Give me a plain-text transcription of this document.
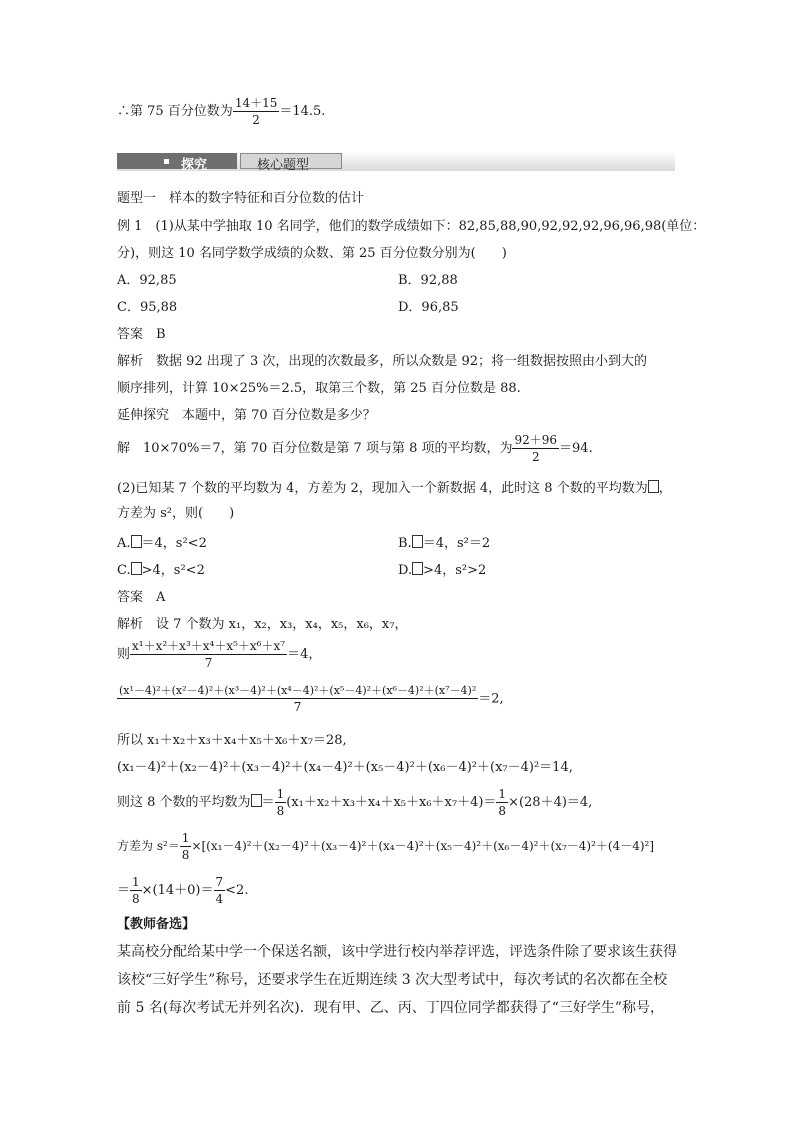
∴第 75 百分位数为 $\frac{14+15}{2} =14.5$.
探究	核心题型
题型一　样本的数字特征和百分位数的估计
例 1　(1)从某中学抽取 10 名同学，他们的数学成绩如下：82,85,88,90,92,92,92,96,96,98(单位：
分)，则这 10 名同学数学成绩的众数、第 25 百分位数分别为(　　)
A．92,85	B．92,88
C．95,88	D．96,85
答案　B
解析　数据 92 出现了 3 次，出现的次数最多，所以众数是 92；将一组数据按照由小到大的
顺序排列，计算 10×25%＝2.5，取第三个数，第 25 百分位数是 88.
延伸探究　本题中，第 70 百分位数是多少？
解　10×70%＝7，第 70 百分位数是第 7 项与第 8 项的平均数，为 $\frac{92+96}{2} =94$.
(2)已知某 7 个数的平均数为 4，方差为 2，现加入一个新数据 4，此时这 8 个数的平均数为 ，
方差为 s²，则(　　)
A. ＝4，s²<2	B. ＝4，s²＝2
C. >4，s²<2	D. >4，s²>2
答案　A
解析　设 7 个数为 x₁，x₂，x₃，x₄，x₅，x₆，x₇，
则 $\frac{\text{x¹＋x²＋x³＋x⁴＋x⁵＋x⁶＋x⁷}}{7} =4$，
$\frac{\text{(x¹－4)²＋(x²－4)²＋(x³－4)²＋(x⁴－4)²＋(x⁵－4)²＋(x⁶－4)²＋(x⁷－4)²}}{7} =2$,
所以 x₁＋x₂＋x₃＋x₄＋x₅＋x₆＋x₇＝28,
(x₁－4)²＋(x₂－4)²＋(x₃－4)²＋(x₄－4)²＋(x₅－4)²＋(x₆－4)²＋(x₇－4)²＝14,
则这 8 个数的平均数为 ＝ $\frac{1}{8} (x_1+x_2+x_3+x_4+x_5+x_6+x_7+4)= \frac{1}{8} \times(28+4)=4$,
方差为 $s^2= \frac{1}{8} \times[(x_1-4)^2+(x_2-4)^2+(x_3-4)^2+(x_4-4)^2+(x_5-4)^2+(x_6-4)^2+(x_7-4)^2+(4-4)^2]$
＝ $\frac{1}{8} \times(14+0)= \frac{7}{4} <2$.
【教师备选】
某高校分配给某中学一个保送名额，该中学进行校内举荐评选，评选条件除了要求该生获得
该校“三好学生”称号，还要求学生在近期连续 3 次大型考试中，每次考试的名次都在全校
前 5 名(每次考试无并列名次)．现有甲、乙、丙、丁四位同学都获得了“三好学生”称号，
